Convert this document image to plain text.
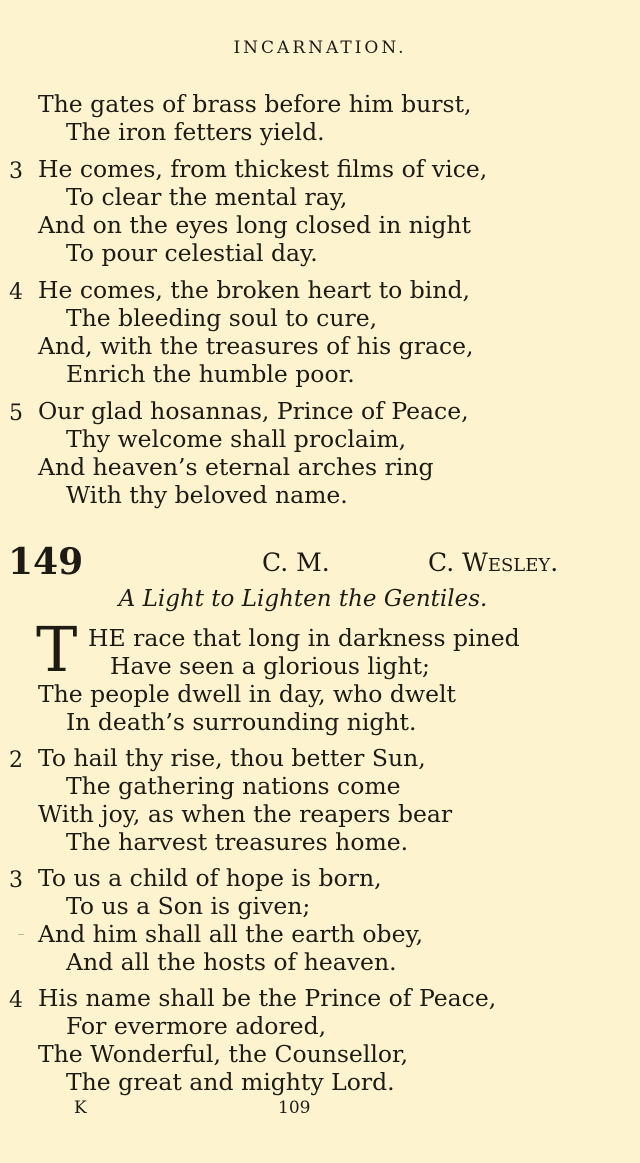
INCARNATION.
The gates of brass before him burst,
The iron fetters yield.
3 He comes, from thickest films of vice,
To clear the mental ray,
And on the eyes long closed in night
To pour celestial day.
4 He comes, the broken heart to bind,
The bleeding soul to cure,
And, with the treasures of his grace,
Enrich the humble poor.
5 Our glad hosannas, Prince of Peace,
Thy welcome shall proclaim,
And heaven’s eternal arches ring
With thy beloved name.
149	C. M.	C. Wesley.
A Light to Lighten the Gentiles.
T HE race that long in darkness pined
Have seen a glorious light;
The people dwell in day, who dwelt
In death’s surrounding night.
2 To hail thy rise, thou better Sun,
The gathering nations come
With joy, as when the reapers bear
The harvest treasures home.
3 To us a child of hope is born,
To us a Son is given;
And him shall all the earth obey,
And all the hosts of heaven.
4 His name shall be the Prince of Peace,
For evermore adored,
The Wonderful, the Counsellor,
The great and mighty Lord.
K	109
